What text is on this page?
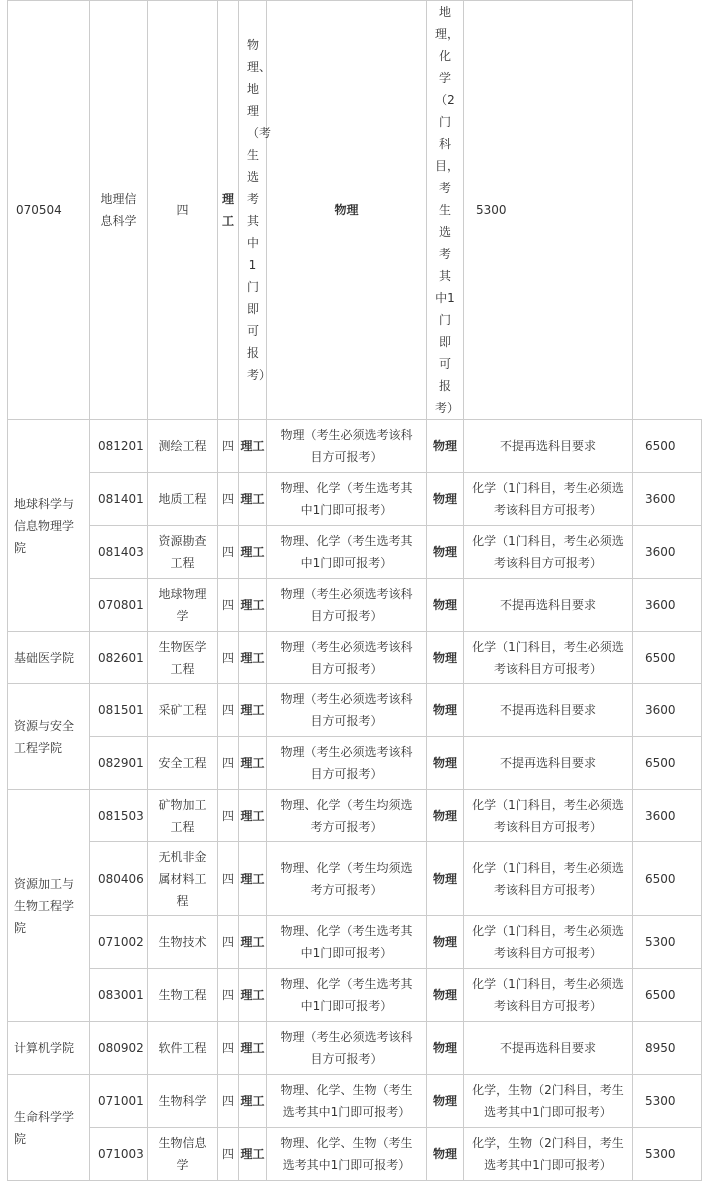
070504	地理信息科学	四	理工	物理、地理（考生选考其中1门即可报考）	物理	地理，化学（2门科目，考生选考其中1门即可报考）	5300	
地球科学与信息物理学院	081201	测绘工程	四	理工	物理（考生必须选考该科目方可报考）	物理	不提再选科目要求	6500
	081401	地质工程	四	理工	物理、化学（考生选考其中1门即可报考）	物理	化学（1门科目，考生必须选考该科目方可报考）	3600
	081403	资源勘查工程	四	理工	物理、化学（考生选考其中1门即可报考）	物理	化学（1门科目，考生必须选考该科目方可报考）	3600
	070801	地球物理学	四	理工	物理（考生必须选考该科目方可报考）	物理	不提再选科目要求	3600
基础医学院	082601	生物医学工程	四	理工	物理（考生必须选考该科目方可报考）	物理	化学（1门科目，考生必须选考该科目方可报考）	6500
资源与安全工程学院	081501	采矿工程	四	理工	物理（考生必须选考该科目方可报考）	物理	不提再选科目要求	3600
	082901	安全工程	四	理工	物理（考生必须选考该科目方可报考）	物理	不提再选科目要求	6500
资源加工与生物工程学院	081503	矿物加工工程	四	理工	物理、化学（考生均须选考方可报考）	物理	化学（1门科目，考生必须选考该科目方可报考）	3600
	080406	无机非金属材料工程	四	理工	物理、化学（考生均须选考方可报考）	物理	化学（1门科目，考生必须选考该科目方可报考）	6500
	071002	生物技术	四	理工	物理、化学（考生选考其中1门即可报考）	物理	化学（1门科目，考生必须选考该科目方可报考）	5300
	083001	生物工程	四	理工	物理、化学（考生选考其中1门即可报考）	物理	化学（1门科目，考生必须选考该科目方可报考）	6500
计算机学院	080902	软件工程	四	理工	物理（考生必须选考该科目方可报考）	物理	不提再选科目要求	8950
生命科学学院	071001	生物科学	四	理工	物理、化学、生物（考生选考其中1门即可报考）	物理	化学，生物（2门科目，考生选考其中1门即可报考）	5300
	071003	生物信息学	四	理工	物理、化学、生物（考生选考其中1门即可报考）	物理	化学，生物（2门科目，考生选考其中1门即可报考）	5300
